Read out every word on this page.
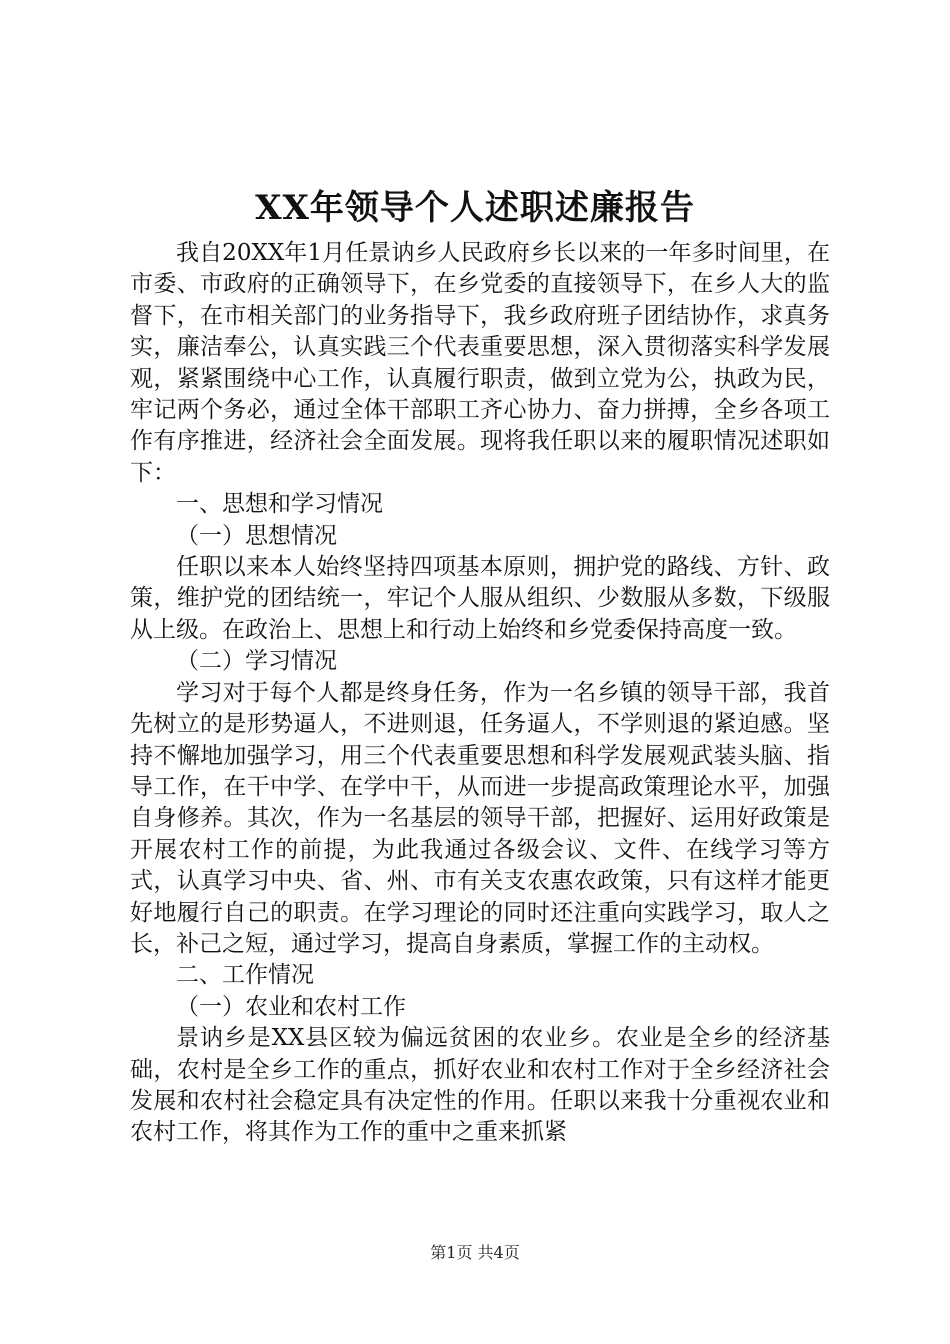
XX年领导个人述职述廉报告

我自20XX年1月任景讷乡人民政府乡长以来的一年多时间里，在市委、市政府的正确领导下，在乡党委的直接领导下，在乡人大的监督下，在市相关部门的业务指导下，我乡政府班子团结协作，求真务实，廉洁奉公，认真实践三个代表重要思想，深入贯彻落实科学发展观，紧紧围绕中心工作，认真履行职责，做到立党为公，执政为民，牢记两个务必，通过全体干部职工齐心协力、奋力拼搏，全乡各项工作有序推进，经济社会全面发展。现将我任职以来的履职情况述职如下：

一、思想和学习情况

（一）思想情况

任职以来本人始终坚持四项基本原则，拥护党的路线、方针、政策，维护党的团结统一，牢记个人服从组织、少数服从多数，下级服从上级。在政治上、思想上和行动上始终和乡党委保持高度一致。

（二）学习情况

学习对于每个人都是终身任务，作为一名乡镇的领导干部，我首先树立的是形势逼人，不进则退，任务逼人，不学则退的紧迫感。坚持不懈地加强学习，用三个代表重要思想和科学发展观武装头脑、指导工作，在干中学、在学中干，从而进一步提高政策理论水平，加强自身修养。其次，作为一名基层的领导干部，把握好、运用好政策是开展农村工作的前提，为此我通过各级会议、文件、在线学习等方式，认真学习中央、省、州、市有关支农惠农政策，只有这样才能更好地履行自己的职责。在学习理论的同时还注重向实践学习，取人之长，补己之短，通过学习，提高自身素质，掌握工作的主动权。

二、工作情况

（一）农业和农村工作

景讷乡是XX县区较为偏远贫困的农业乡。农业是全乡的经济基础，农村是全乡工作的重点，抓好农业和农村工作对于全乡经济社会发展和农村社会稳定具有决定性的作用。任职以来我十分重视农业和农村工作，将其作为工作的重中之重来抓紧

第1页 共4页
